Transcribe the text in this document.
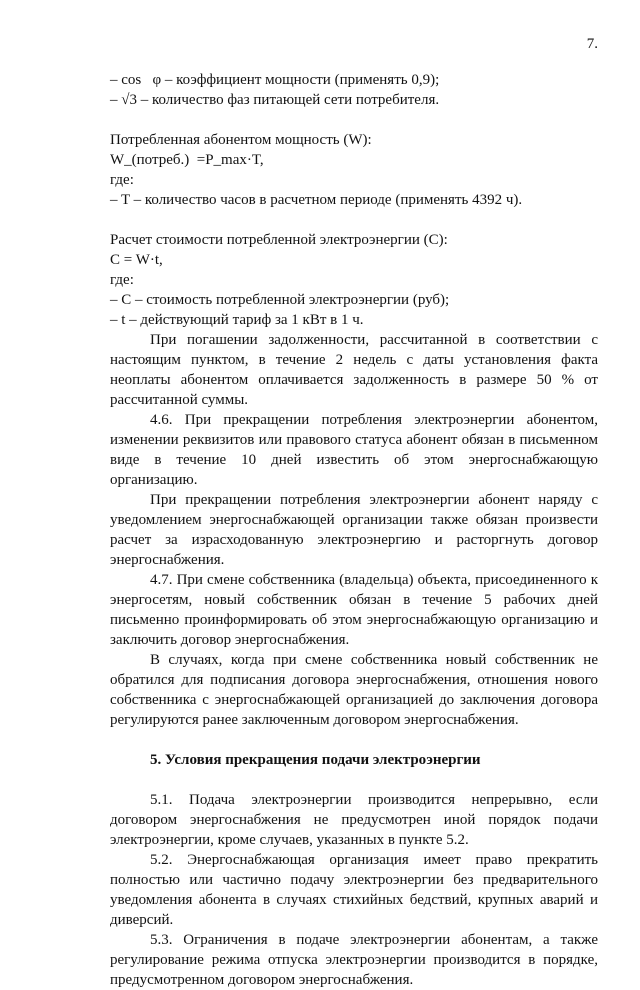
7.
– cos   φ – коэффициент мощности (применять 0,9);
– √3 – количество фаз питающей сети потребителя.
Потребленная абонентом мощность (W):
W_(потреб.)  =P_max·T,
где:
– T – количество часов в расчетном периоде (применять 4392 ч).
Расчет стоимости потребленной электроэнергии (C):
C = W·t,
где:
– C – стоимость потребленной электроэнергии (руб);
– t – действующий тариф за 1 кВт в 1 ч.
При погашении задолженности, рассчитанной в соответствии с
настоящим пунктом, в течение 2 недель с даты установления факта
неоплаты абонентом оплачивается задолженность в размере 50 % от
рассчитанной суммы.
4.6. При прекращении потребления электроэнергии абонентом,
изменении реквизитов или правового статуса абонент обязан в письменном
виде в течение 10 дней известить об этом энергоснабжающую
организацию.
При прекращении потребления электроэнергии абонент наряду с
уведомлением энергоснабжающей организации также обязан произвести
расчет за израсходованную электроэнергию и расторгнуть договор
энергоснабжения.
4.7. При смене собственника (владельца) объекта, присоединенного к
энергосетям, новый собственник обязан в течение 5 рабочих дней
письменно проинформировать об этом энергоснабжающую организацию и
заключить договор энергоснабжения.
В случаях, когда при смене собственника новый собственник не
обратился для подписания договора энергоснабжения, отношения нового
собственника с энергоснабжающей организацией до заключения договора
регулируются ранее заключенным договором энергоснабжения.
5. Условия прекращения подачи электроэнергии
5.1. Подача электроэнергии производится непрерывно, если
договором энергоснабжения не предусмотрен иной порядок подачи
электроэнергии, кроме случаев, указанных в пункте 5.2.
5.2. Энергоснабжающая организация имеет право прекратить
полностью или частично подачу электроэнергии без предварительного
уведомления абонента в случаях стихийных бедствий, крупных аварий и
диверсий.
5.3. Ограничения в подаче электроэнергии абонентам, а также
регулирование режима отпуска электроэнергии производится в порядке,
предусмотренном договором энергоснабжения.
